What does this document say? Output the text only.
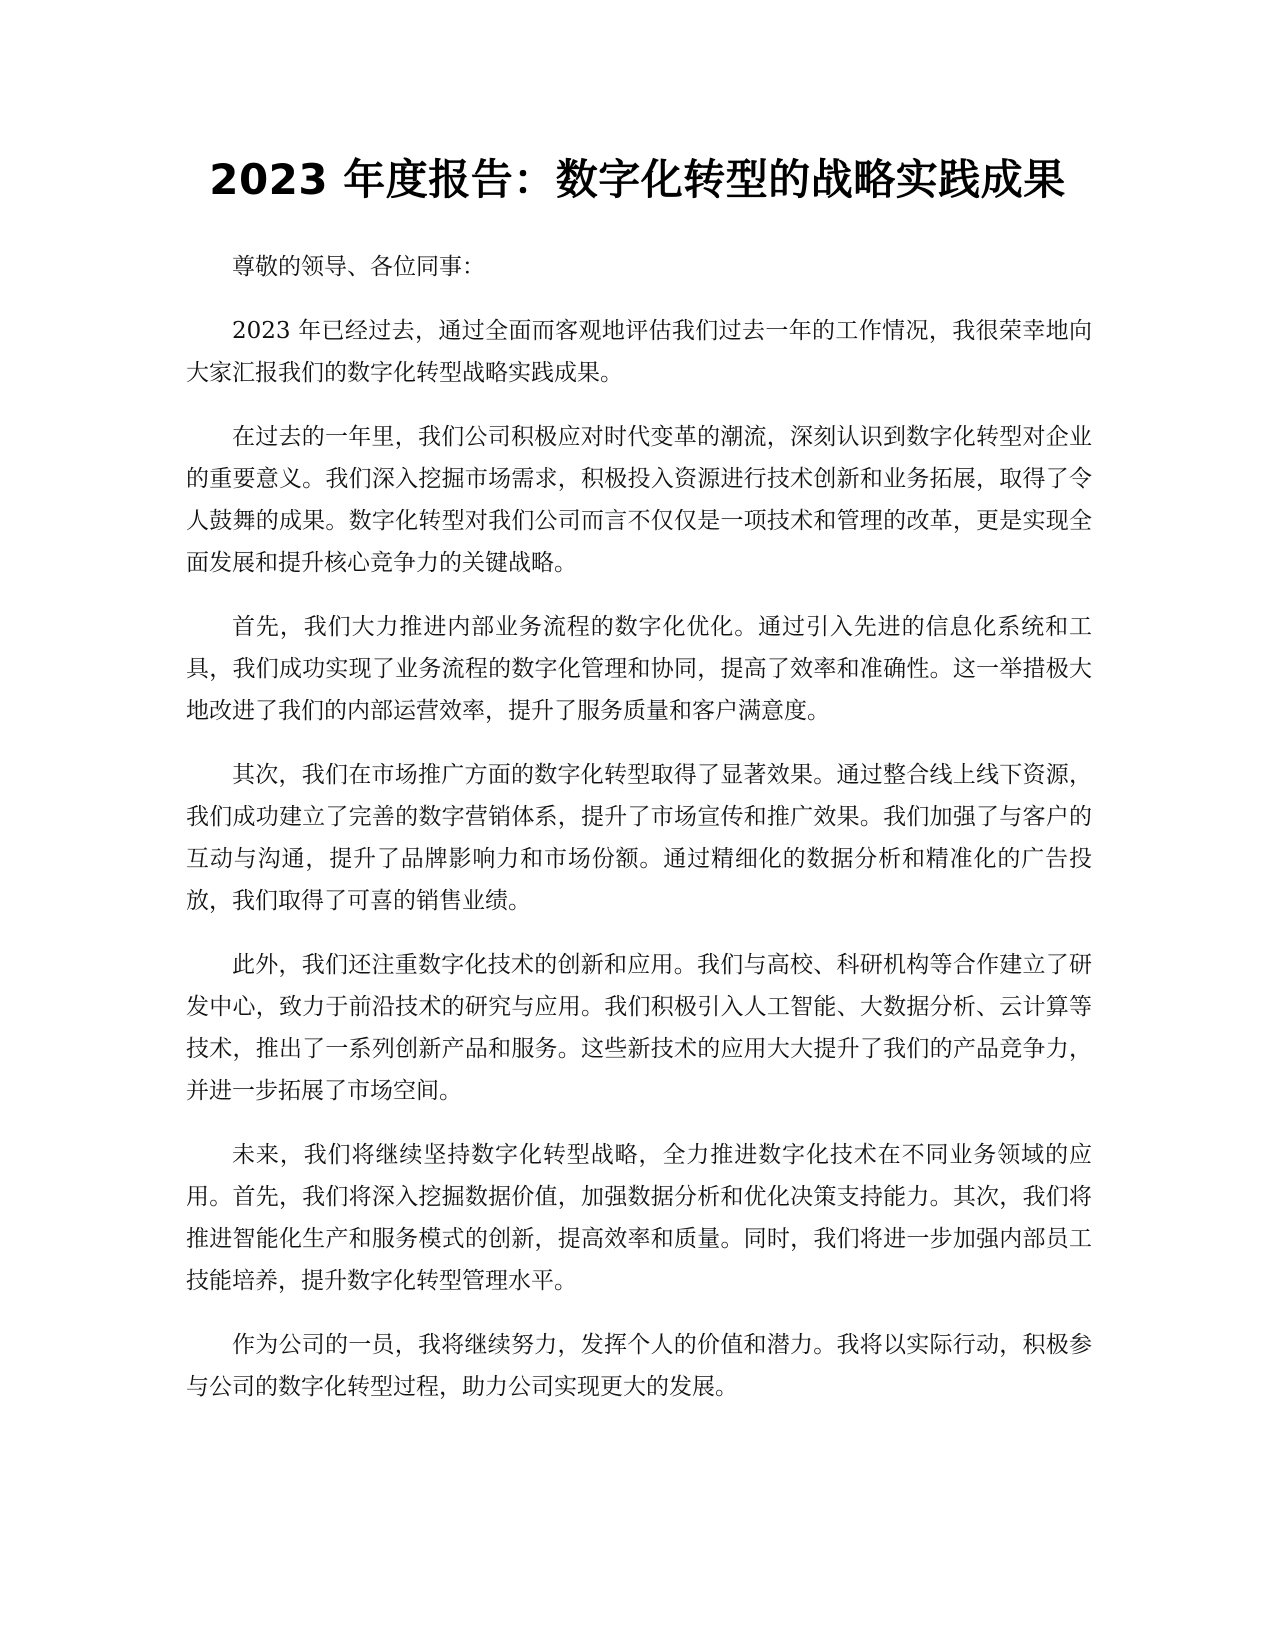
2023 年度报告：数字化转型的战略实践成果

尊敬的领导、各位同事：

2023 年已经过去，通过全面而客观地评估我们过去一年的工作情况，我很荣幸地向大家汇报我们的数字化转型战略实践成果。

在过去的一年里，我们公司积极应对时代变革的潮流，深刻认识到数字化转型对企业的重要意义。我们深入挖掘市场需求，积极投入资源进行技术创新和业务拓展，取得了令人鼓舞的成果。数字化转型对我们公司而言不仅仅是一项技术和管理的改革，更是实现全面发展和提升核心竞争力的关键战略。

首先，我们大力推进内部业务流程的数字化优化。通过引入先进的信息化系统和工具，我们成功实现了业务流程的数字化管理和协同，提高了效率和准确性。这一举措极大地改进了我们的内部运营效率，提升了服务质量和客户满意度。

其次，我们在市场推广方面的数字化转型取得了显著效果。通过整合线上线下资源，我们成功建立了完善的数字营销体系，提升了市场宣传和推广效果。我们加强了与客户的互动与沟通，提升了品牌影响力和市场份额。通过精细化的数据分析和精准化的广告投放，我们取得了可喜的销售业绩。

此外，我们还注重数字化技术的创新和应用。我们与高校、科研机构等合作建立了研发中心，致力于前沿技术的研究与应用。我们积极引入人工智能、大数据分析、云计算等技术，推出了一系列创新产品和服务。这些新技术的应用大大提升了我们的产品竞争力，并进一步拓展了市场空间。

未来，我们将继续坚持数字化转型战略，全力推进数字化技术在不同业务领域的应用。首先，我们将深入挖掘数据价值，加强数据分析和优化决策支持能力。其次，我们将推进智能化生产和服务模式的创新，提高效率和质量。同时，我们将进一步加强内部员工技能培养，提升数字化转型管理水平。

作为公司的一员，我将继续努力，发挥个人的价值和潜力。我将以实际行动，积极参与公司的数字化转型过程，助力公司实现更大的发展。
